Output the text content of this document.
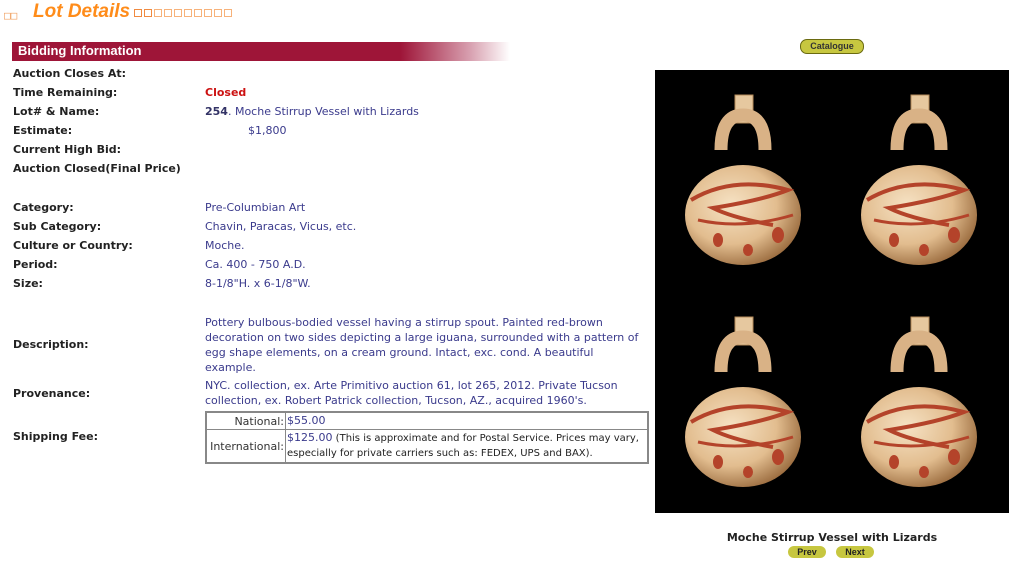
□□ Lot Details
Bidding Information
Auction Closes At:
Time Remaining:	Closed
Lot# & Name:	254. Moche Stirrup Vessel with Lizards
Estimate:	$1,800
Current High Bid:
Auction Closed(Final Price)
Category:	Pre-Columbian Art
Sub Category:	Chavin, Paracas, Vicus, etc.
Culture or Country:	Moche.
Period:	Ca. 400 - 750 A.D.
Size:	8-1/8"H. x 6-1/8"W.
Description:
Pottery bulbous-bodied vessel having a stirrup spout. Painted red-brown decoration on two sides depicting a large iguana, surrounded with a pattern of egg shape elements, on a cream ground. Intact, exc. cond. A beautiful example.
Provenance:
NYC. collection, ex. Arte Primitivo auction 61, lot 265, 2012. Private Tucson collection, ex. Robert Patrick collection, Tucson, AZ., acquired 1960's.
Shipping Fee:
National:	$55.00
International:	$125.00 (This is approximate and for Postal Service. Prices may vary, especially for private carriers such as: FEDEX, UPS and BAX).
Catalogue
Moche Stirrup Vessel with Lizards
Prev	Next
